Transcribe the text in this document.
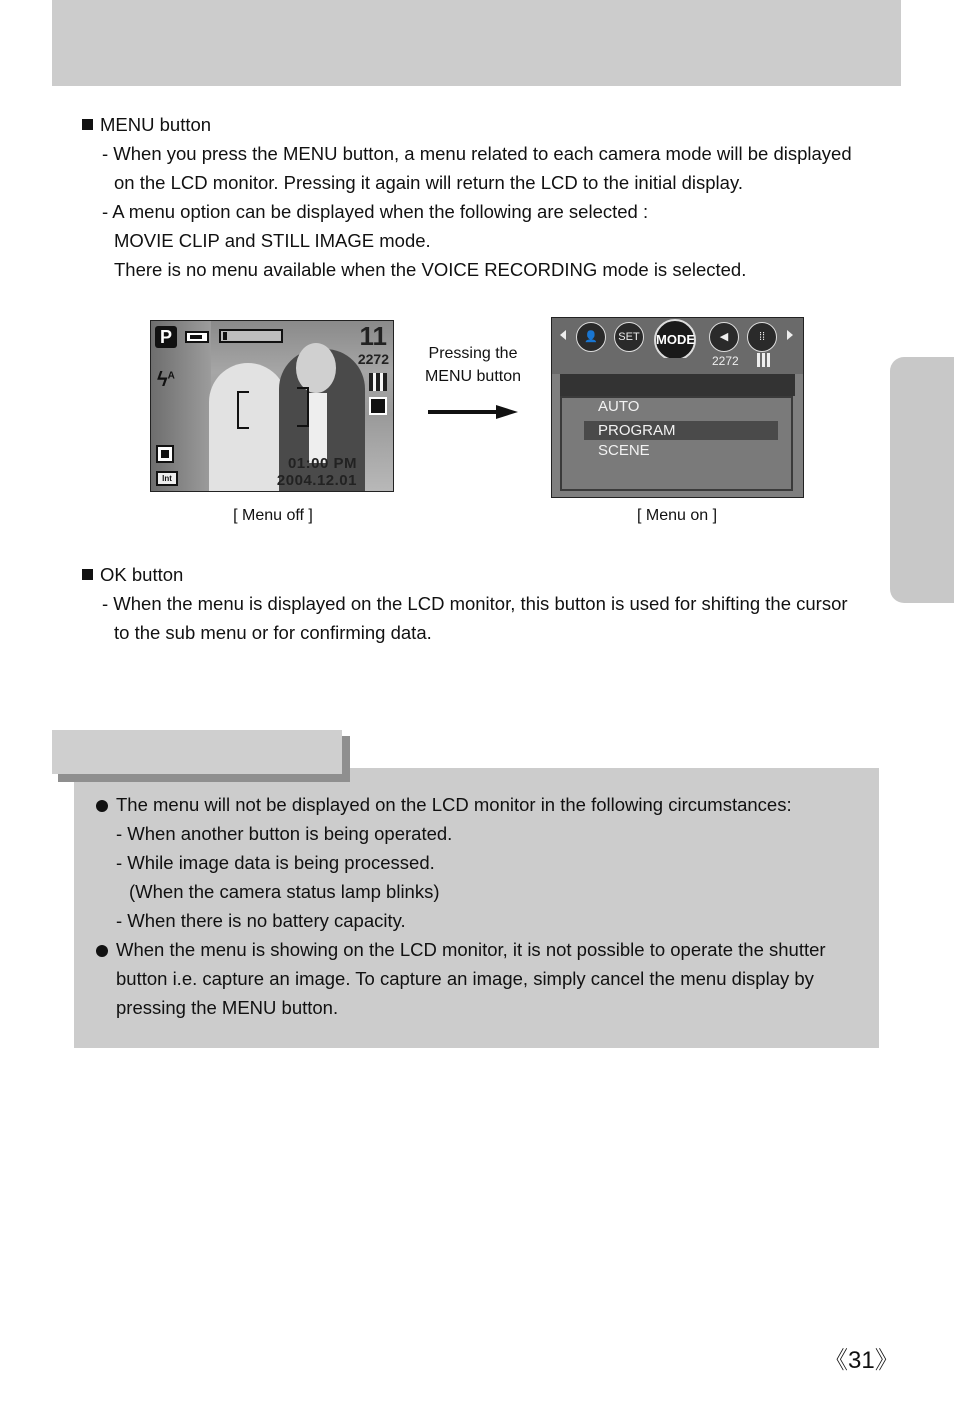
MENU button
- When you press the MENU button, a menu related to each camera mode will be displayed
on the LCD monitor. Pressing it again will return the LCD to the initial display.
- A menu option can be displayed when the following are selected :
MOVIE CLIP and STILL IMAGE mode.
There is no menu available when the VOICE RECORDING mode is selected.
P	11
2272
$ϟ^A$
Int
01:00 PM
2004.12.01
Pressing the
MENU button
👤	SET	MODE	◀	⁞⁞
2272
AUTO
PROGRAM
SCENE
[ Menu off ]	[ Menu on ]
OK button
- When the menu is displayed on the LCD monitor, this button is used for shifting the cursor
to the sub menu or for confirming data.
The menu will not be displayed on the LCD monitor in the following circumstances:
- When another button is being operated.
- While image data is being processed.
(When the camera status lamp blinks)
- When there is no battery capacity.
When the menu is showing on the LCD monitor, it is not possible to operate the shutter
button i.e. capture an image. To capture an image, simply cancel the menu display by
pressing the MENU button.
《31》
